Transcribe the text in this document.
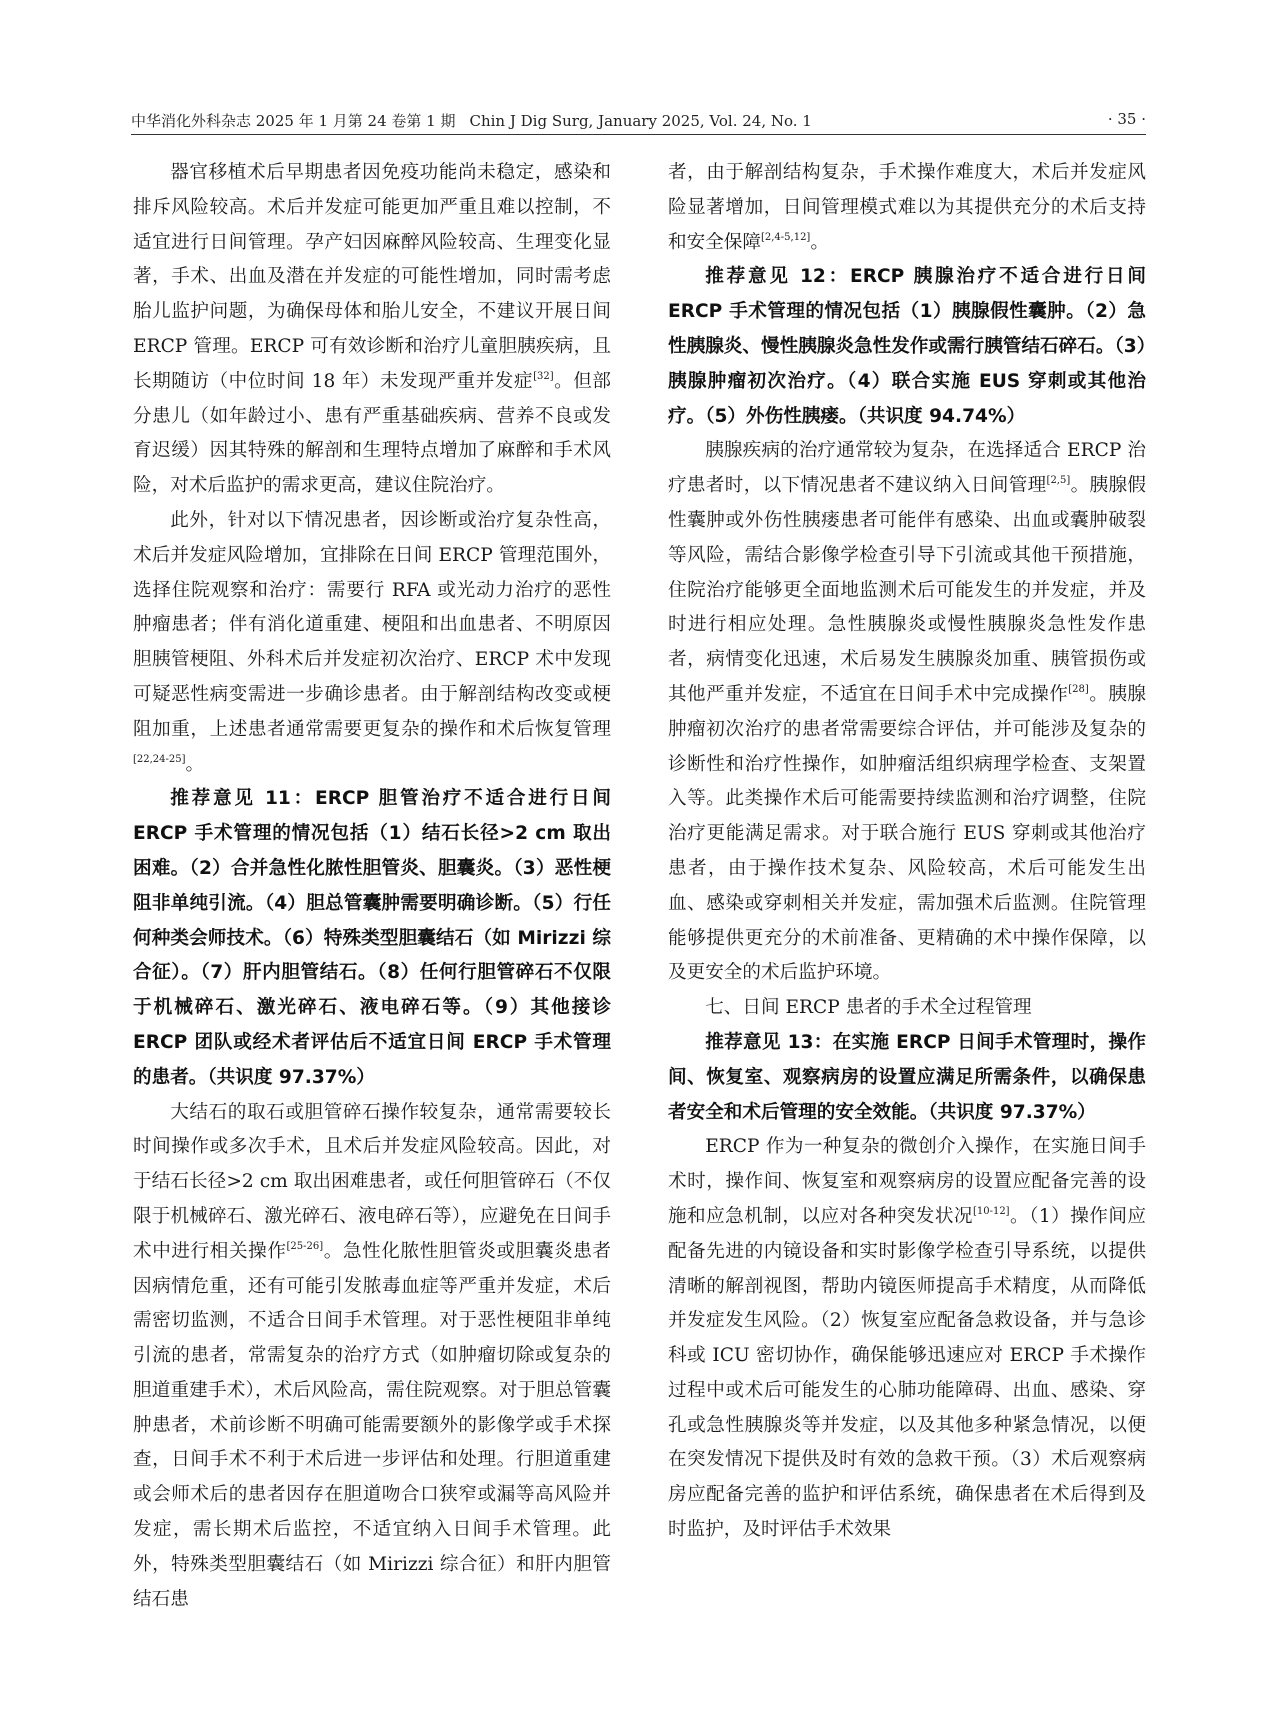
中华消化外科杂志 2025 年 1 月第 24 卷第 1 期 Chin J Dig Surg, January 2025, Vol. 24, No. 1	· 35 ·

器官移植术后早期患者因免疫功能尚未稳定，感染和排斥风险较高。术后并发症可能更加严重且难以控制，不适宜进行日间管理。孕产妇因麻醉风险较高、生理变化显著，手术、出血及潜在并发症的可能性增加，同时需考虑胎儿监护问题，为确保母体和胎儿安全，不建议开展日间 ERCP 管理。ERCP 可有效诊断和治疗儿童胆胰疾病，且长期随访（中位时间 18 年）未发现严重并发症[32]。但部分患儿（如年龄过小、患有严重基础疾病、营养不良或发育迟缓）因其特殊的解剖和生理特点增加了麻醉和手术风险，对术后监护的需求更高，建议住院治疗。

此外，针对以下情况患者，因诊断或治疗复杂性高，术后并发症风险增加，宜排除在日间 ERCP 管理范围外，选择住院观察和治疗：需要行 RFA 或光动力治疗的恶性肿瘤患者；伴有消化道重建、梗阻和出血患者、不明原因胆胰管梗阻、外科术后并发症初次治疗、ERCP 术中发现可疑恶性病变需进一步确诊患者。由于解剖结构改变或梗阻加重，上述患者通常需要更复杂的操作和术后恢复管理[22,24-25]。

推荐意见 11：ERCP 胆管治疗不适合进行日间 ERCP 手术管理的情况包括（1）结石长径>2 cm 取出困难。（2）合并急性化脓性胆管炎、胆囊炎。（3）恶性梗阻非单纯引流。（4）胆总管囊肿需要明确诊断。（5）行任何种类会师技术。（6）特殊类型胆囊结石（如 Mirizzi 综合征）。（7）肝内胆管结石。（8）任何行胆管碎石不仅限于机械碎石、激光碎石、液电碎石等。（9）其他接诊 ERCP 团队或经术者评估后不适宜日间 ERCP 手术管理的患者。（共识度 97.37%）

大结石的取石或胆管碎石操作较复杂，通常需要较长时间操作或多次手术，且术后并发症风险较高。因此，对于结石长径>2 cm 取出困难患者，或任何胆管碎石（不仅限于机械碎石、激光碎石、液电碎石等），应避免在日间手术中进行相关操作[25-26]。急性化脓性胆管炎或胆囊炎患者因病情危重，还有可能引发脓毒血症等严重并发症，术后需密切监测，不适合日间手术管理。对于恶性梗阻非单纯引流的患者，常需复杂的治疗方式（如肿瘤切除或复杂的胆道重建手术），术后风险高，需住院观察。对于胆总管囊肿患者，术前诊断不明确可能需要额外的影像学或手术探查，日间手术不利于术后进一步评估和处理。行胆道重建或会师术后的患者因存在胆道吻合口狭窄或漏等高风险并发症，需长期术后监控，不适宜纳入日间手术管理。此外，特殊类型胆囊结石（如 Mirizzi 综合征）和肝内胆管结石患

者，由于解剖结构复杂，手术操作难度大，术后并发症风险显著增加，日间管理模式难以为其提供充分的术后支持和安全保障[2,4-5,12]。

推荐意见 12：ERCP 胰腺治疗不适合进行日间 ERCP 手术管理的情况包括（1）胰腺假性囊肿。（2）急性胰腺炎、慢性胰腺炎急性发作或需行胰管结石碎石。（3）胰腺肿瘤初次治疗。（4）联合实施 EUS 穿刺或其他治疗。（5）外伤性胰瘘。（共识度 94.74%）

胰腺疾病的治疗通常较为复杂，在选择适合 ERCP 治疗患者时，以下情况患者不建议纳入日间管理[2,5]。胰腺假性囊肿或外伤性胰瘘患者可能伴有感染、出血或囊肿破裂等风险，需结合影像学检查引导下引流或其他干预措施，住院治疗能够更全面地监测术后可能发生的并发症，并及时进行相应处理。急性胰腺炎或慢性胰腺炎急性发作患者，病情变化迅速，术后易发生胰腺炎加重、胰管损伤或其他严重并发症，不适宜在日间手术中完成操作[28]。胰腺肿瘤初次治疗的患者常需要综合评估，并可能涉及复杂的诊断性和治疗性操作，如肿瘤活组织病理学检查、支架置入等。此类操作术后可能需要持续监测和治疗调整，住院治疗更能满足需求。对于联合施行 EUS 穿刺或其他治疗患者，由于操作技术复杂、风险较高，术后可能发生出血、感染或穿刺相关并发症，需加强术后监测。住院管理能够提供更充分的术前准备、更精确的术中操作保障，以及更安全的术后监护环境。

七、日间 ERCP 患者的手术全过程管理

推荐意见 13：在实施 ERCP 日间手术管理时，操作间、恢复室、观察病房的设置应满足所需条件，以确保患者安全和术后管理的安全效能。（共识度 97.37%）

ERCP 作为一种复杂的微创介入操作，在实施日间手术时，操作间、恢复室和观察病房的设置应配备完善的设施和应急机制，以应对各种突发状况[10-12]。（1）操作间应配备先进的内镜设备和实时影像学检查引导系统，以提供清晰的解剖视图，帮助内镜医师提高手术精度，从而降低并发症发生风险。（2）恢复室应配备急救设备，并与急诊科或 ICU 密切协作，确保能够迅速应对 ERCP 手术操作过程中或术后可能发生的心肺功能障碍、出血、感染、穿孔或急性胰腺炎等并发症，以及其他多种紧急情况，以便在突发情况下提供及时有效的急救干预。（3）术后观察病房应配备完善的监护和评估系统，确保患者在术后得到及时监护，及时评估手术效果
